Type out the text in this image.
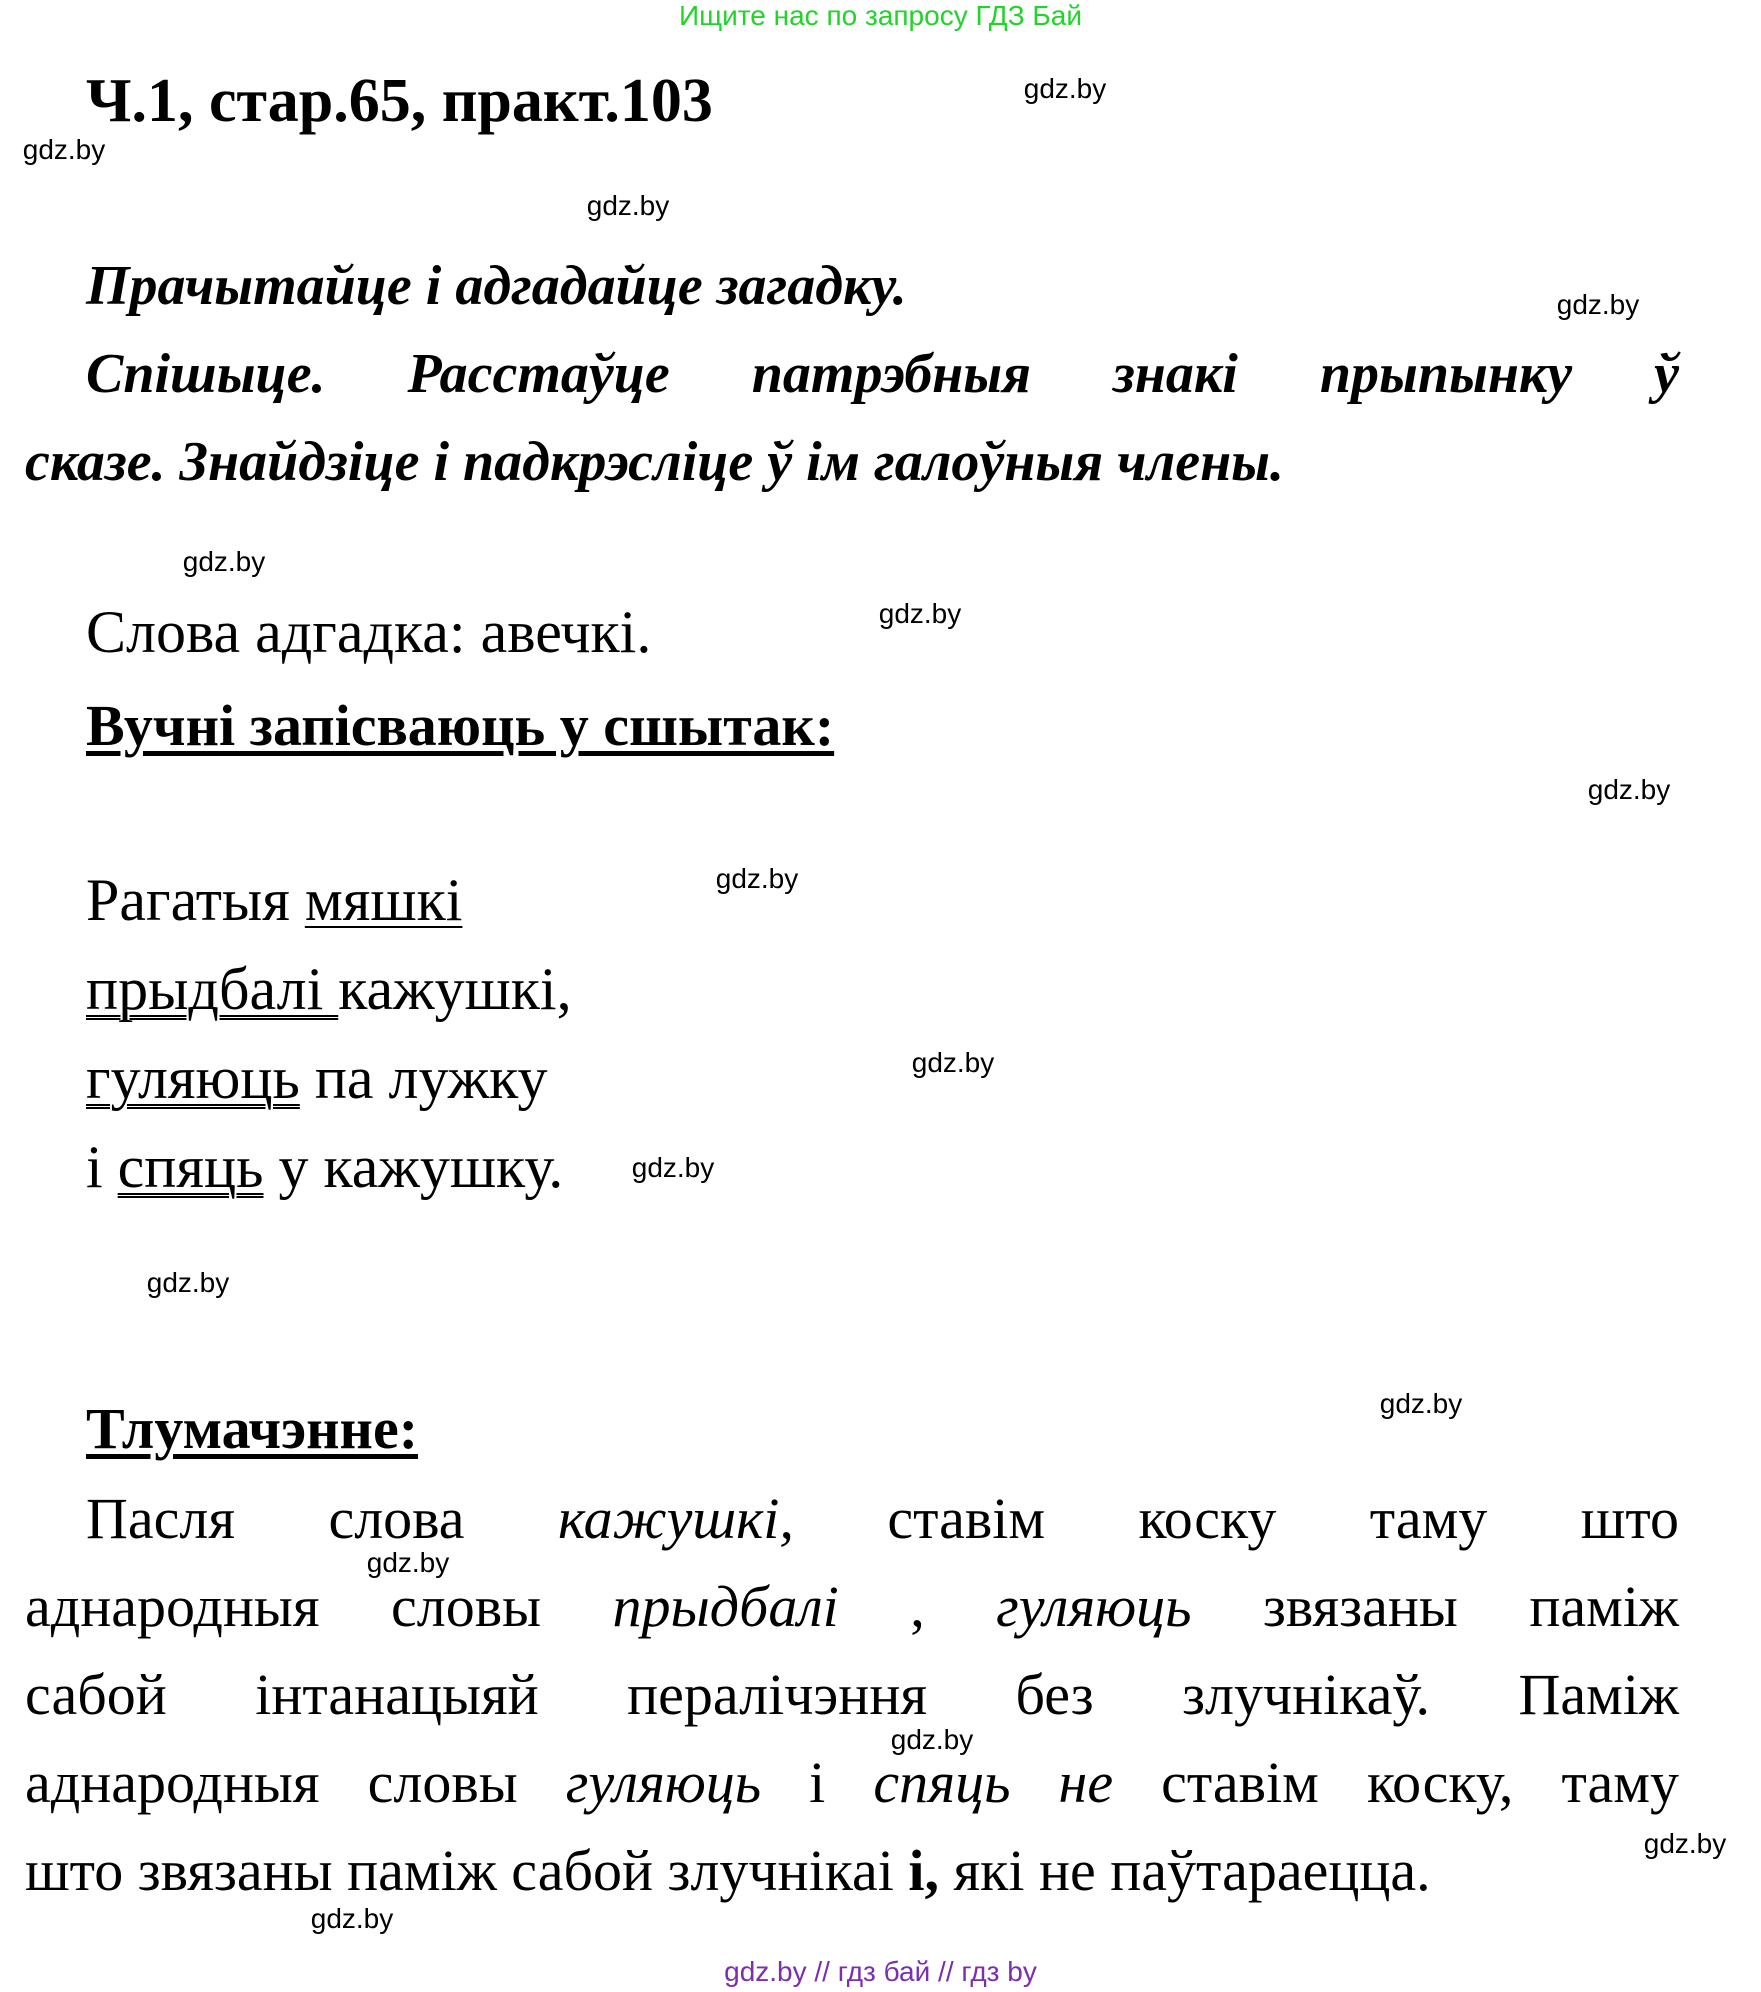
Ищите нас по запросу ГДЗ Бай
Ч.1, стар.65, практ.103
Прачытайце і адгадайце загадку.
Спішыце. Расстаўце патрэбныя знакі прыпынку ў
сказе. Знайдзіце і падкрэсліце ў ім галоўныя члены.
Слова адгадка: авечкі.
Вучні запісваюць у сшытак:
Рагатыя мяшкі
прыдбалі кажушкі,
гуляюць па лужку
і спяць у кажушку.
Тлумачэнне:
Пасля слова кажушкі, ставім коску таму што
аднародныя словы прыдбалі , гуляюць звязаны паміж
сабой інтанацыяй пералічэння без злучнікаў. Паміж
аднародныя словы гуляюць і спяць не ставім коску, таму
што звязаны паміж сабой злучнікаі і, які не паўтараецца.
gdz.by
gdz.by
gdz.by
gdz.by
gdz.by
gdz.by
gdz.by
gdz.by
gdz.by
gdz.by
gdz.by
gdz.by
gdz.by
gdz.by
gdz.by
gdz.by
gdz.by // гдз бай // гдз by
